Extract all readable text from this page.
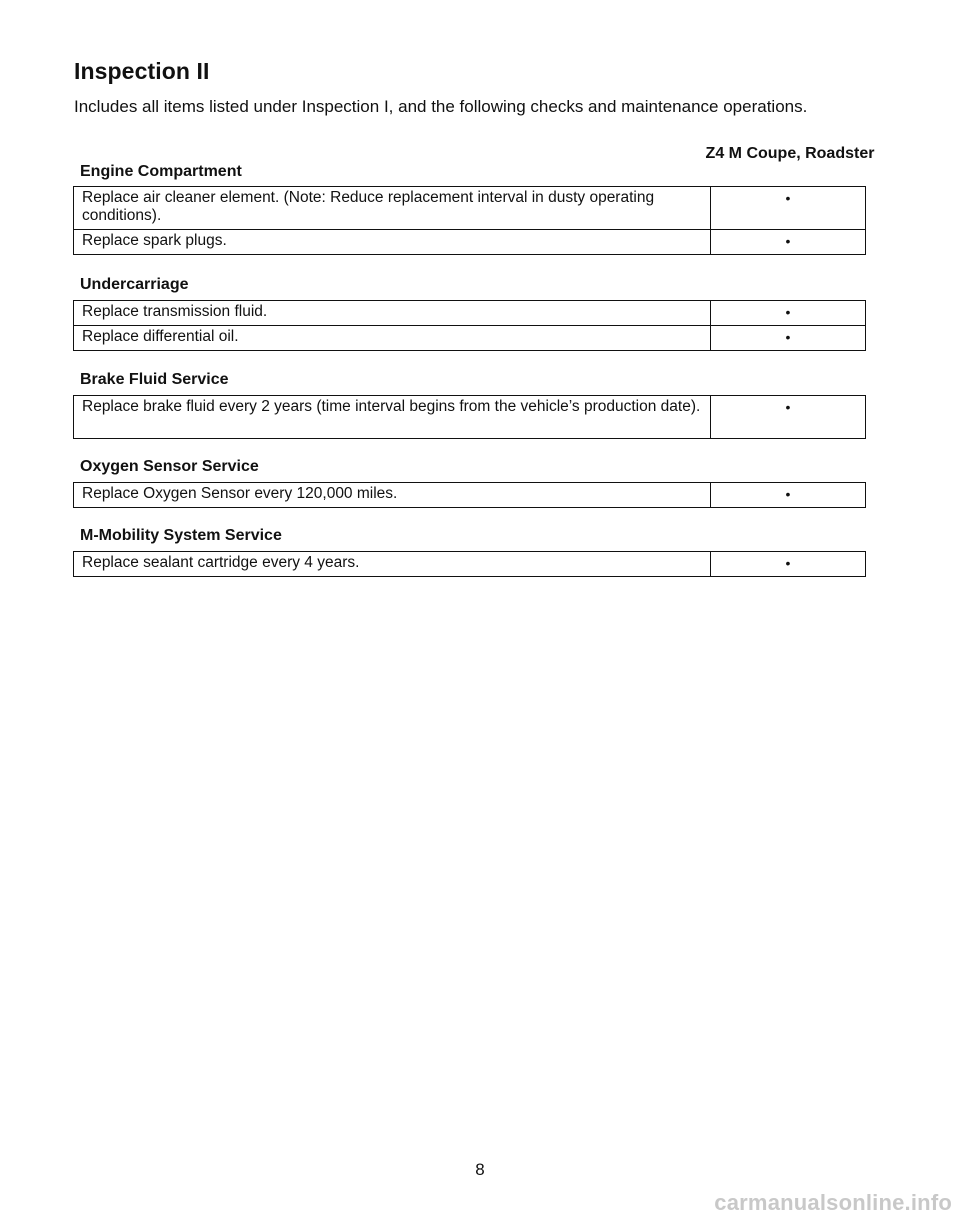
Inspection II

Includes all items listed under Inspection I, and the following checks and maintenance operations.

Z4 M Coupe, Roadster
Engine Compartment
Replace air cleaner element. (Note: Reduce replacement interval in dusty operating conditions).	•
Replace spark plugs.	•
Undercarriage
Replace transmission fluid.	•
Replace differential oil.	•
Brake Fluid Service
Replace brake fluid every 2 years (time interval begins from the vehicle’s production date).	•
Oxygen Sensor Service
Replace Oxygen Sensor every 120,000 miles.	•
M-Mobility System Service
Replace sealant cartridge every 4 years.	•
8
carmanualsonline.info
